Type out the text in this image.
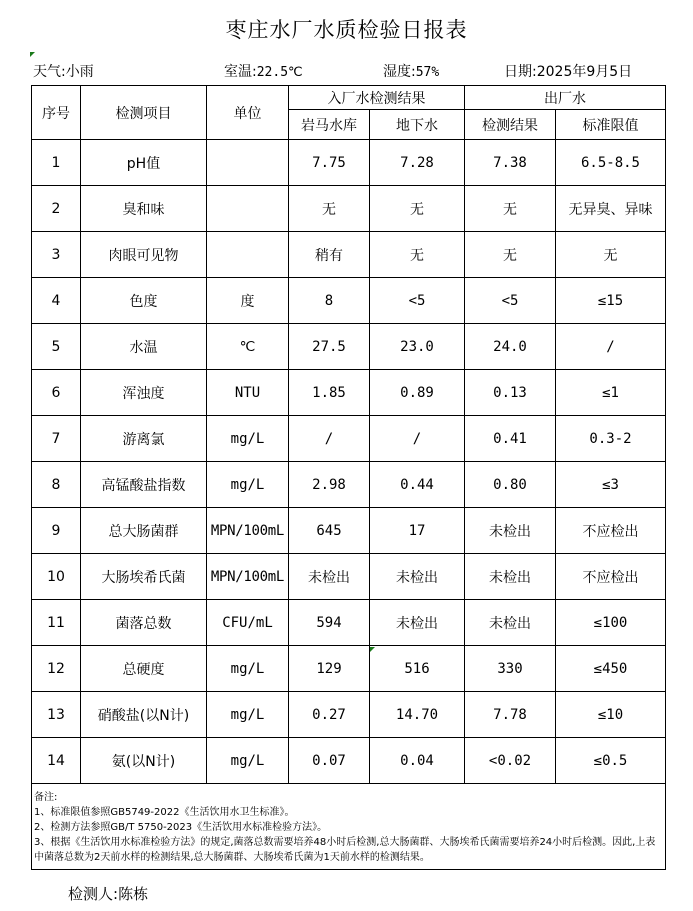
枣庄水厂水质检验日报表
天气:小雨	室温:22.5℃	湿度:57%	日期:2025年9月5日
序号	检测项目	单位	入厂水检测结果		出厂水	
			岩马水库	地下水	检测结果	标准限值
1	pH值		7.75	7.28	7.38	6.5-8.5
2	臭和味		无	无	无	无异臭、异味
3	肉眼可见物		稍有	无	无	无
4	色度	度	8	<5	<5	≤15
5	水温	℃	27.5	23.0	24.0	/
6	浑浊度	NTU	1.85	0.89	0.13	≤1
7	游离氯	mg/L	/	/	0.41	0.3-2
8	高锰酸盐指数	mg/L	2.98	0.44	0.80	≤3
9	总大肠菌群	MPN/100mL	645	17	未检出	不应检出
10	大肠埃希氏菌	MPN/100mL	未检出	未检出	未检出	不应检出
11	菌落总数	CFU/mL	594	未检出	未检出	≤100
12	总硬度	mg/L	129	516	330	≤450
13	硝酸盐(以N计)	mg/L	0.27	14.70	7.78	≤10
14	氨(以N计)	mg/L	0.07	0.04	<0.02	≤0.5

备注:
1、标准限值参照GB5749-2022《生活饮用水卫生标准》。
2、检测方法参照GB/T 5750-2023《生活饮用水标准检验方法》。
3、根据《生活饮用水标准检验方法》的规定,菌落总数需要培养48小时后检测,总大肠菌群、大肠埃希氏菌需要培养24小时后检测。因此,上表中菌落总数为2天前水样的检测结果,总大肠菌群、大肠埃希氏菌为1天前水样的检测结果。						
检测人:陈栋
